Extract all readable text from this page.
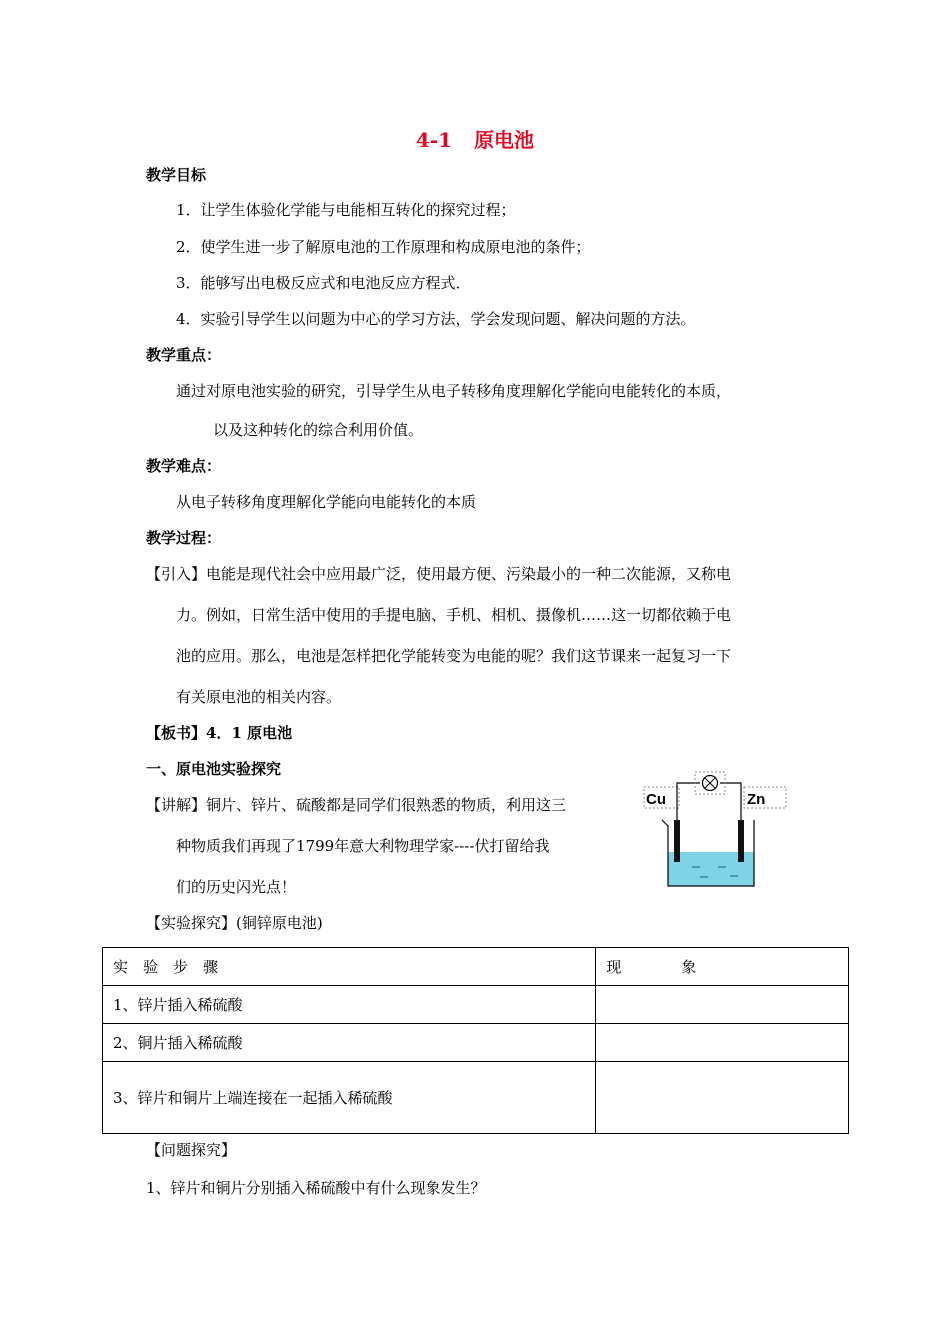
4-1 原电池
教学目标
1．让学生体验化学能与电能相互转化的探究过程；
2．使学生进一步了解原电池的工作原理和构成原电池的条件；
3．能够写出电极反应式和电池反应方程式．
4．实验引导学生以问题为中心的学习方法，学会发现问题、解决问题的方法。
教学重点：
通过对原电池实验的研究，引导学生从电子转移角度理解化学能向电能转化的本质，
以及这种转化的综合利用价值。
教学难点：
从电子转移角度理解化学能向电能转化的本质
教学过程：
【引入】电能是现代社会中应用最广泛，使用最方便、污染最小的一种二次能源，又称电
力。例如，日常生活中使用的手提电脑、手机、相机、摄像机……这一切都依赖于电
池的应用。那么，电池是怎样把化学能转变为电能的呢？我们这节课来一起复习一下
有关原电池的相关内容。
【板书】4．1 原电池
一、原电池实验探究
【讲解】铜片、锌片、硫酸都是同学们很熟悉的物质，利用这三
种物质我们再现了1799年意大利物理学家----伏打留给我
们的历史闪光点！
Cu	Zn
【实验探究】(铜锌原电池)
实　验　步　骤	现　　　　象
1、锌片插入稀硫酸	
2、铜片插入稀硫酸	
3、锌片和铜片上端连接在一起插入稀硫酸	
【问题探究】
1、锌片和铜片分别插入稀硫酸中有什么现象发生？
